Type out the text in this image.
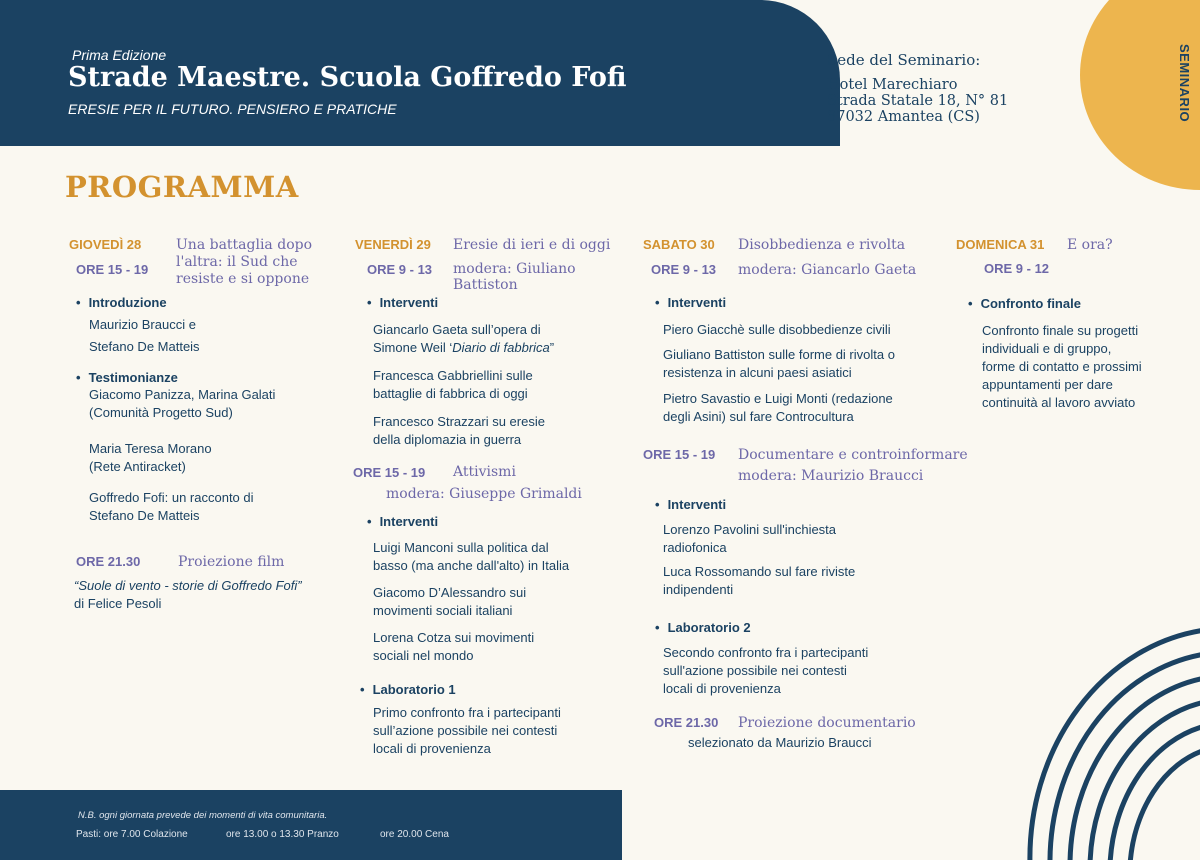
SEMINARIO
Prima Edizione
Strade Maestre. Scuola Goffredo Fofi
ERESIE PER IL FUTURO. PENSIERO E PRATICHE
Sede del Seminario:
Hotel Marechiaro
Strada Statale 18, N° 81
87032 Amantea (CS)
PROGRAMMA
GIOVEDÌ 28 Una battaglia dopo
l'altra: il Sud che
resiste e si oppone
ORE 15 - 19
• Introduzione
Maurizio Braucci e
Stefano De Matteis
• Testimonianze
Giacomo Panizza, Marina Galati
(Comunità Progetto Sud)
Maria Teresa Morano
(Rete Antiracket)
Goffredo Fofi: un racconto di
Stefano De Matteis
ORE 21.30	Proiezione film
“Suole di vento - storie di Goffredo Fofi”
di Felice Pesoli
VENERDÌ 29 Eresie di ieri e di oggi
ORE 9 - 13 modera: Giuliano
Battiston
• Interventi
Giancarlo Gaeta sull’opera di
Simone Weil ‘Diario di fabbrica”
Francesca Gabbriellini sulle
battaglie di fabbrica di oggi
Francesco Strazzari su eresie
della diplomazia in guerra
ORE 15 - 19 Attivismi
modera: Giuseppe Grimaldi
• Interventi
Luigi Manconi sulla politica dal
basso (ma anche dall'alto) in Italia
Giacomo D’Alessandro sui
movimenti sociali italiani
Lorena Cotza sui movimenti
sociali nel mondo
• Laboratorio 1
Primo confronto fra i partecipanti
sull’azione possibile nei contesti
locali di provenienza
SABATO 30 Disobbedienza e rivolta
ORE 9 - 13 modera: Giancarlo Gaeta
• Interventi
Piero Giacchè sulle disobbedienze civili
Giuliano Battiston sulle forme di rivolta o
resistenza in alcuni paesi asiatici
Pietro Savastio e Luigi Monti (redazione
degli Asini) sul fare Controcultura
ORE 15 - 19 Documentare e controinformare
modera: Maurizio Braucci
• Interventi
Lorenzo Pavolini sull'inchiesta
radiofonica
Luca Rossomando sul fare riviste
indipendenti
• Laboratorio 2
Secondo confronto fra i partecipanti
sull'azione possibile nei contesti
locali di provenienza
ORE 21.30 Proiezione documentario
selezionato da Maurizio Braucci
DOMENICA 31 E ora?
ORE 9 - 12
• Confronto finale
Confronto finale su progetti
individuali e di gruppo,
forme di contatto e prossimi
appuntamenti per dare
continuità al lavoro avviato
N.B. ogni giornata prevede dei momenti di vita comunitaria.
Pasti: ore 7.00 Colazione	ore 13.00 o 13.30 Pranzo	ore 20.00 Cena
